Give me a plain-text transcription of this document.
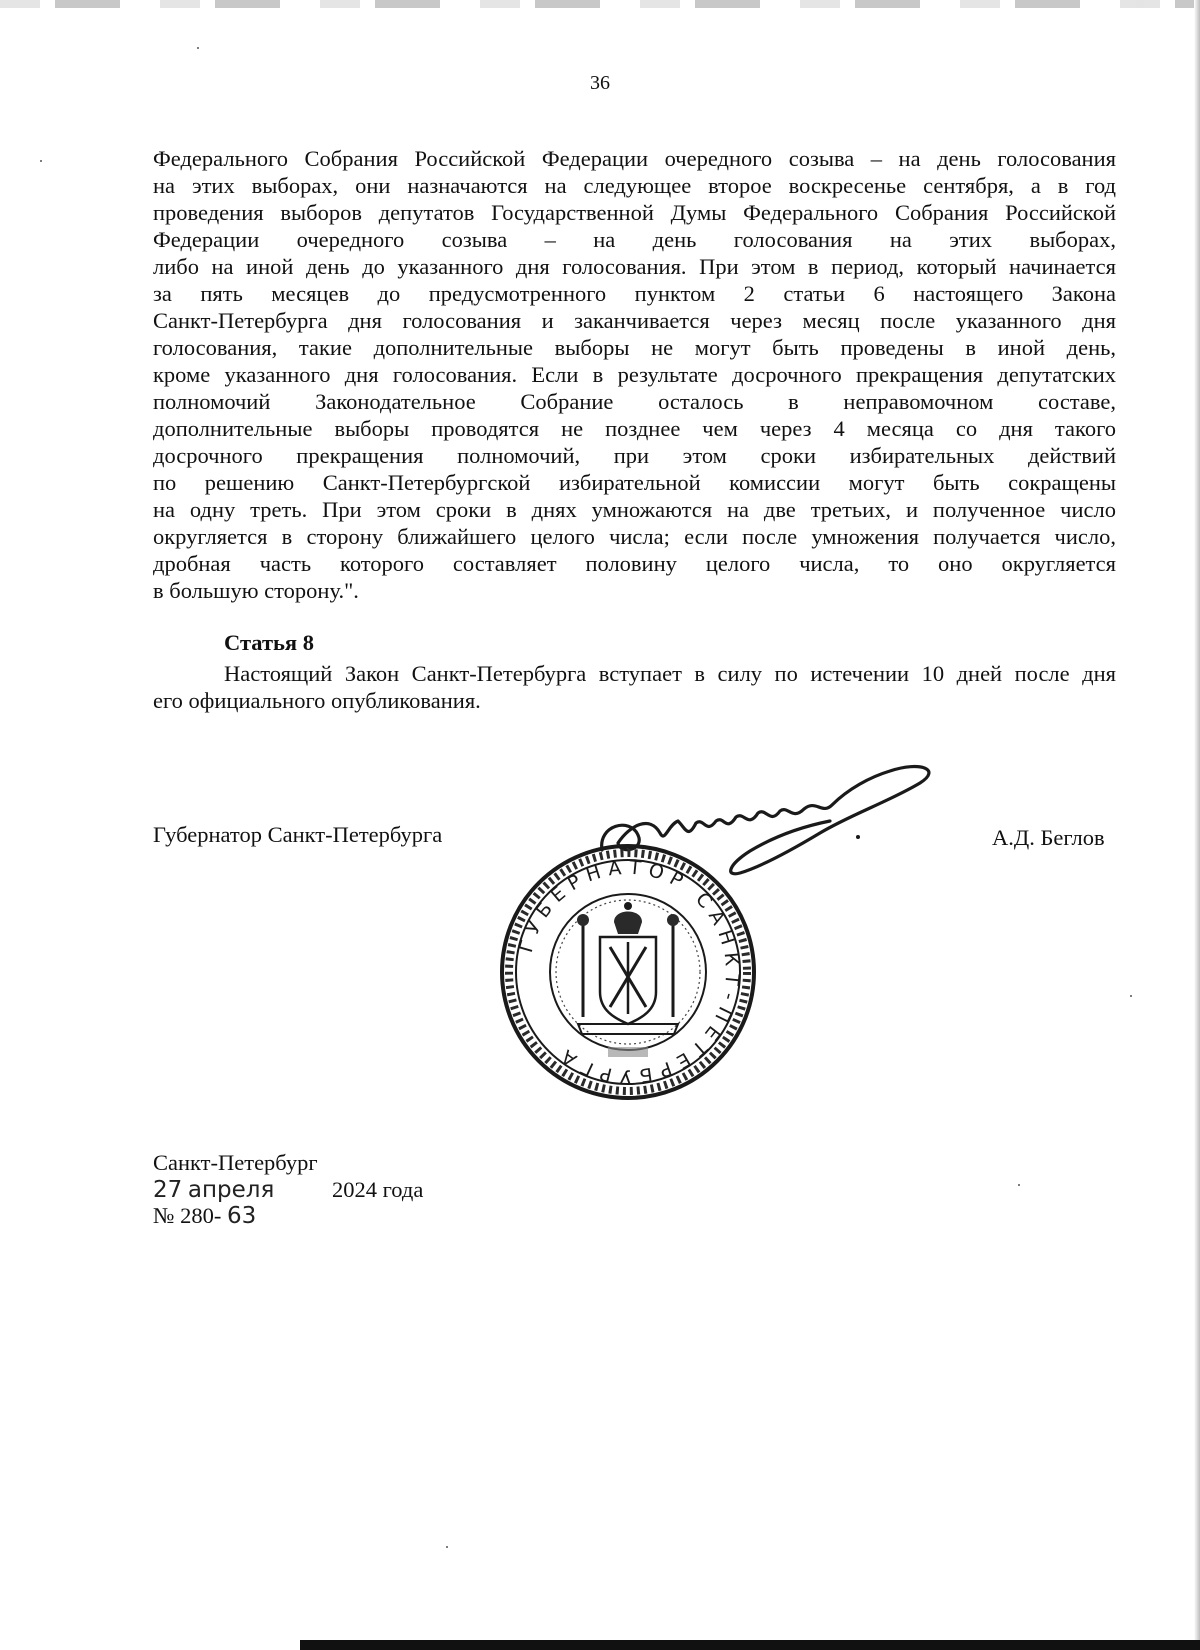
36
Федерального Собрания Российской Федерации очередного созыва – на день голосования
на этих выборах, они назначаются на следующее второе воскресенье сентября, а в год
проведения выборов депутатов Государственной Думы Федерального Собрания Российской
Федерации очередного созыва – на день голосования на этих выборах,
либо на иной день до указанного дня голосования. При этом в период, который начинается
за пять месяцев до предусмотренного пунктом 2 статьи 6 настоящего Закона
Санкт-Петербурга дня голосования и заканчивается через месяц после указанного дня
голосования, такие дополнительные выборы не могут быть проведены в иной день,
кроме указанного дня голосования. Если в результате досрочного прекращения депутатских
полномочий Законодательное Собрание осталось в неправомочном составе,
дополнительные выборы проводятся не позднее чем через 4 месяца со дня такого
досрочного прекращения полномочий, при этом сроки избирательных действий
по решению Санкт-Петербургской избирательной комиссии могут быть сокращены
на одну треть. При этом сроки в днях умножаются на две третьих, и полученное число
округляется в сторону ближайшего целого числа; если после умножения получается число,
дробная часть которого составляет половину целого числа, то оно округляется
в большую сторону.".
Статья 8
Настоящий Закон Санкт-Петербурга вступает в силу по истечении 10 дней после дня
его официального опубликования.
Губернатор Санкт-Петербурга	А.Д. Беглов
ГУБЕРНАТОР САНКТ-ПЕТЕРБУРГА
Санкт-Петербург
27 апреля	2024 года
№ 280- 63
